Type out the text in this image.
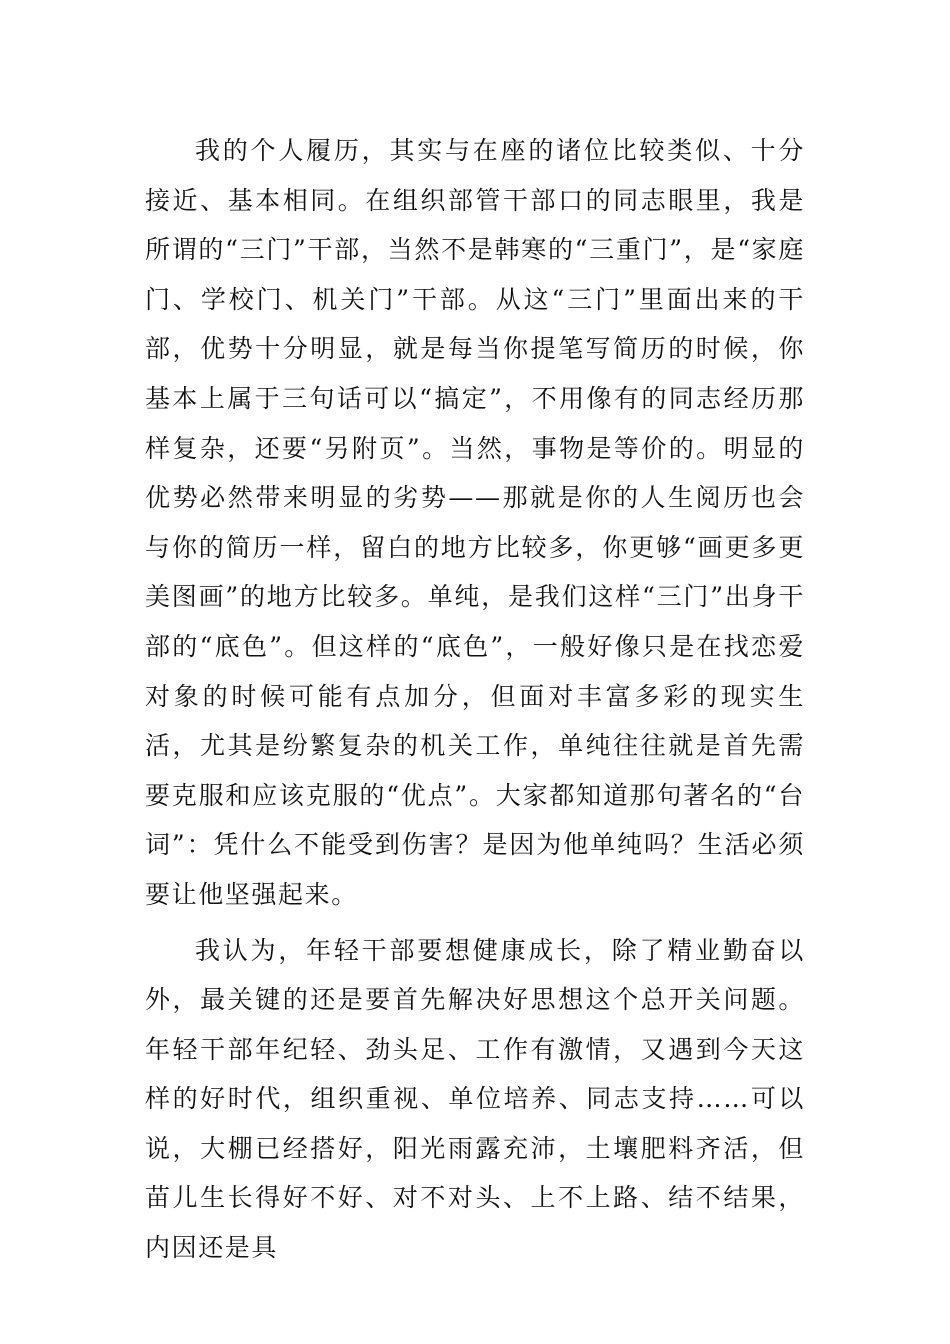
我的个人履历，其实与在座的诸位比较类似、十分接近、基本相同。在组织部管干部口的同志眼里，我是所谓的“三门”干部，当然不是韩寒的“三重门”，是“家庭门、学校门、机关门”干部。从这“三门”里面出来的干部，优势十分明显，就是每当你提笔写简历的时候，你基本上属于三句话可以“搞定”，不用像有的同志经历那样复杂，还要“另附页”。当然，事物是等价的。明显的优势必然带来明显的劣势——那就是你的人生阅历也会与你的简历一样，留白的地方比较多，你更够“画更多更美图画”的地方比较多。单纯，是我们这样“三门”出身干部的“底色”。但这样的“底色”，一般好像只是在找恋爱对象的时候可能有点加分，但面对丰富多彩的现实生活，尤其是纷繁复杂的机关工作，单纯往往就是首先需要克服和应该克服的“优点”。大家都知道那句著名的“台词”：凭什么不能受到伤害？是因为他单纯吗？生活必须要让他坚强起来。

我认为，年轻干部要想健康成长，除了精业勤奋以外，最关键的还是要首先解决好思想这个总开关问题。年轻干部年纪轻、劲头足、工作有激情，又遇到今天这样的好时代，组织重视、单位培养、同志支持……可以说，大棚已经搭好，阳光雨露充沛，土壤肥料齐活，但苗儿生长得好不好、对不对头、上不上路、结不结果，内因还是具
